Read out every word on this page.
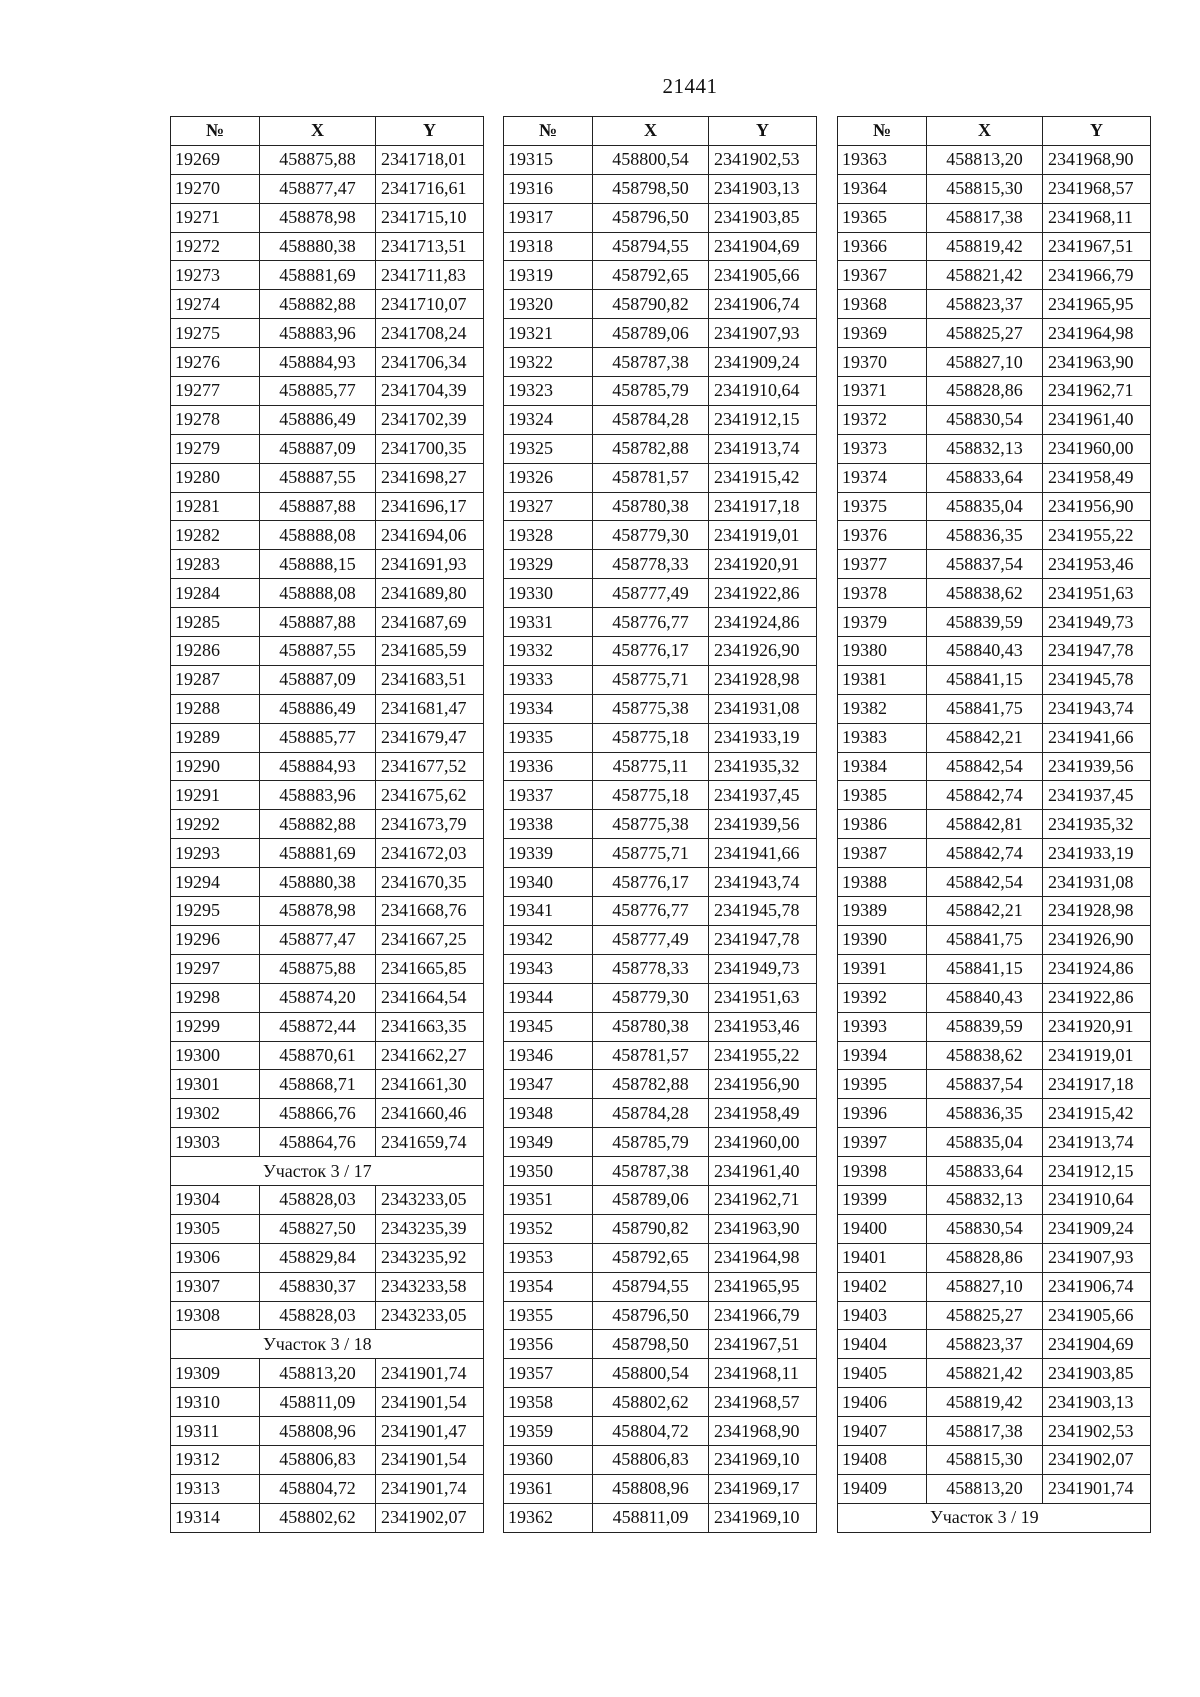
21441
№	X	Y
19269	458875,88	2341718,01
19270	458877,47	2341716,61
19271	458878,98	2341715,10
19272	458880,38	2341713,51
19273	458881,69	2341711,83
19274	458882,88	2341710,07
19275	458883,96	2341708,24
19276	458884,93	2341706,34
19277	458885,77	2341704,39
19278	458886,49	2341702,39
19279	458887,09	2341700,35
19280	458887,55	2341698,27
19281	458887,88	2341696,17
19282	458888,08	2341694,06
19283	458888,15	2341691,93
19284	458888,08	2341689,80
19285	458887,88	2341687,69
19286	458887,55	2341685,59
19287	458887,09	2341683,51
19288	458886,49	2341681,47
19289	458885,77	2341679,47
19290	458884,93	2341677,52
19291	458883,96	2341675,62
19292	458882,88	2341673,79
19293	458881,69	2341672,03
19294	458880,38	2341670,35
19295	458878,98	2341668,76
19296	458877,47	2341667,25
19297	458875,88	2341665,85
19298	458874,20	2341664,54
19299	458872,44	2341663,35
19300	458870,61	2341662,27
19301	458868,71	2341661,30
19302	458866,76	2341660,46
19303	458864,76	2341659,74
Участок 3 / 17		
19304	458828,03	2343233,05
19305	458827,50	2343235,39
19306	458829,84	2343235,92
19307	458830,37	2343233,58
19308	458828,03	2343233,05
Участок 3 / 18		
19309	458813,20	2341901,74
19310	458811,09	2341901,54
19311	458808,96	2341901,47
19312	458806,83	2341901,54
19313	458804,72	2341901,74
19314	458802,62	2341902,07
№	X	Y
19315	458800,54	2341902,53
19316	458798,50	2341903,13
19317	458796,50	2341903,85
19318	458794,55	2341904,69
19319	458792,65	2341905,66
19320	458790,82	2341906,74
19321	458789,06	2341907,93
19322	458787,38	2341909,24
19323	458785,79	2341910,64
19324	458784,28	2341912,15
19325	458782,88	2341913,74
19326	458781,57	2341915,42
19327	458780,38	2341917,18
19328	458779,30	2341919,01
19329	458778,33	2341920,91
19330	458777,49	2341922,86
19331	458776,77	2341924,86
19332	458776,17	2341926,90
19333	458775,71	2341928,98
19334	458775,38	2341931,08
19335	458775,18	2341933,19
19336	458775,11	2341935,32
19337	458775,18	2341937,45
19338	458775,38	2341939,56
19339	458775,71	2341941,66
19340	458776,17	2341943,74
19341	458776,77	2341945,78
19342	458777,49	2341947,78
19343	458778,33	2341949,73
19344	458779,30	2341951,63
19345	458780,38	2341953,46
19346	458781,57	2341955,22
19347	458782,88	2341956,90
19348	458784,28	2341958,49
19349	458785,79	2341960,00
19350	458787,38	2341961,40
19351	458789,06	2341962,71
19352	458790,82	2341963,90
19353	458792,65	2341964,98
19354	458794,55	2341965,95
19355	458796,50	2341966,79
19356	458798,50	2341967,51
19357	458800,54	2341968,11
19358	458802,62	2341968,57
19359	458804,72	2341968,90
19360	458806,83	2341969,10
19361	458808,96	2341969,17
19362	458811,09	2341969,10
№	X	Y
19363	458813,20	2341968,90
19364	458815,30	2341968,57
19365	458817,38	2341968,11
19366	458819,42	2341967,51
19367	458821,42	2341966,79
19368	458823,37	2341965,95
19369	458825,27	2341964,98
19370	458827,10	2341963,90
19371	458828,86	2341962,71
19372	458830,54	2341961,40
19373	458832,13	2341960,00
19374	458833,64	2341958,49
19375	458835,04	2341956,90
19376	458836,35	2341955,22
19377	458837,54	2341953,46
19378	458838,62	2341951,63
19379	458839,59	2341949,73
19380	458840,43	2341947,78
19381	458841,15	2341945,78
19382	458841,75	2341943,74
19383	458842,21	2341941,66
19384	458842,54	2341939,56
19385	458842,74	2341937,45
19386	458842,81	2341935,32
19387	458842,74	2341933,19
19388	458842,54	2341931,08
19389	458842,21	2341928,98
19390	458841,75	2341926,90
19391	458841,15	2341924,86
19392	458840,43	2341922,86
19393	458839,59	2341920,91
19394	458838,62	2341919,01
19395	458837,54	2341917,18
19396	458836,35	2341915,42
19397	458835,04	2341913,74
19398	458833,64	2341912,15
19399	458832,13	2341910,64
19400	458830,54	2341909,24
19401	458828,86	2341907,93
19402	458827,10	2341906,74
19403	458825,27	2341905,66
19404	458823,37	2341904,69
19405	458821,42	2341903,85
19406	458819,42	2341903,13
19407	458817,38	2341902,53
19408	458815,30	2341902,07
19409	458813,20	2341901,74
Участок 3 / 19		
